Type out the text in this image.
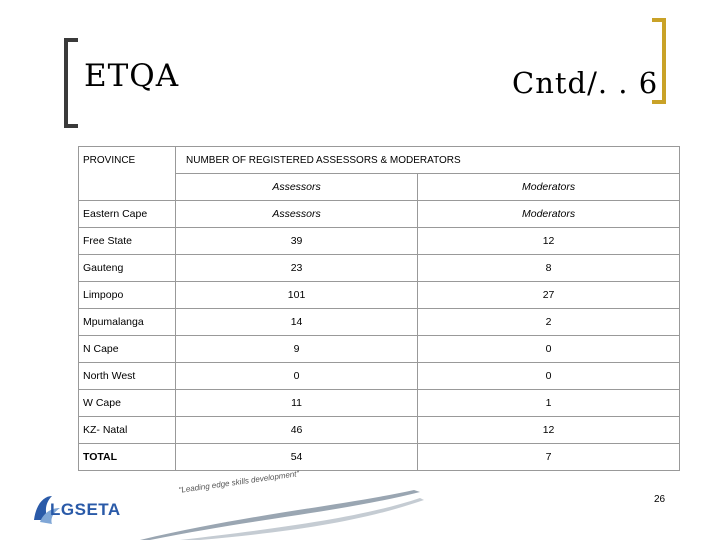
ETQA	Cntd/. . 6
PROVINCE	NUMBER OF REGISTERED ASSESSORS & MODERATORS	
	Assessors	Moderators
Eastern Cape	Assessors	Moderators
Free State	39	12
Gauteng	23	8
Limpopo	101	27
Mpumalanga	14	2
N Cape	9	0
North West	0	0
W Cape	11	1
KZ- Natal	46	12
TOTAL	54	7
LGSETA
"Leading edge skills development"
26
